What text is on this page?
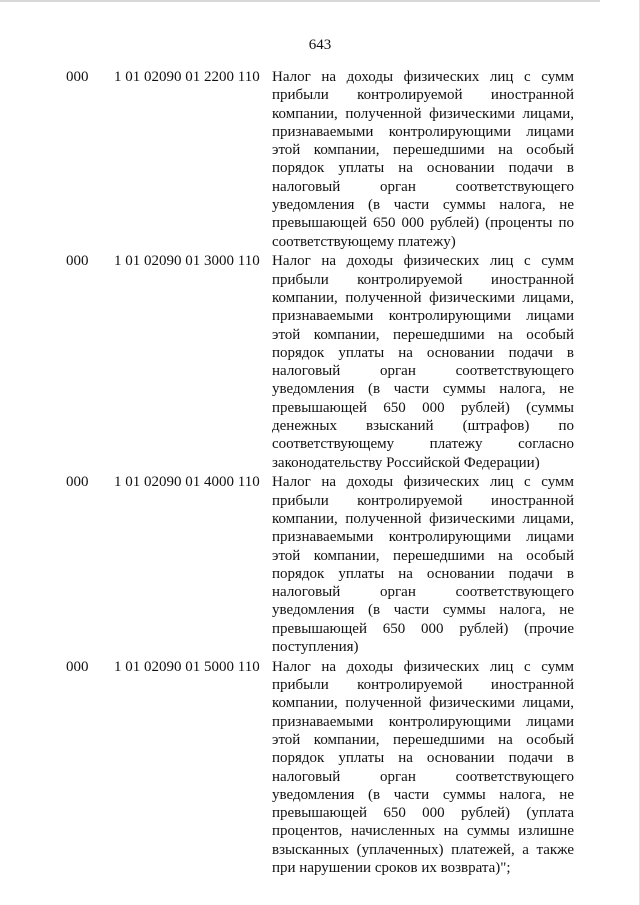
643
000 1 01 02090 01 2200 110 Налог на доходы физических лиц с сумм
прибыли контролируемой иностранной
компании, полученной физическими лицами,
признаваемыми контролирующими лицами
этой компании, перешедшими на особый
порядок уплаты на основании подачи в
налоговый орган соответствующего
уведомления (в части суммы налога, не
превышающей 650 000 рублей) (проценты по
соответствующему платежу)
000 1 01 02090 01 3000 110 Налог на доходы физических лиц с сумм
прибыли контролируемой иностранной
компании, полученной физическими лицами,
признаваемыми контролирующими лицами
этой компании, перешедшими на особый
порядок уплаты на основании подачи в
налоговый орган соответствующего
уведомления (в части суммы налога, не
превышающей 650 000 рублей) (суммы
денежных взысканий (штрафов) по
соответствующему платежу согласно
законодательству Российской Федерации)
000 1 01 02090 01 4000 110 Налог на доходы физических лиц с сумм
прибыли контролируемой иностранной
компании, полученной физическими лицами,
признаваемыми контролирующими лицами
этой компании, перешедшими на особый
порядок уплаты на основании подачи в
налоговый орган соответствующего
уведомления (в части суммы налога, не
превышающей 650 000 рублей) (прочие
поступления)
000 1 01 02090 01 5000 110 Налог на доходы физических лиц с сумм
прибыли контролируемой иностранной
компании, полученной физическими лицами,
признаваемыми контролирующими лицами
этой компании, перешедшими на особый
порядок уплаты на основании подачи в
налоговый орган соответствующего
уведомления (в части суммы налога, не
превышающей 650 000 рублей) (уплата
процентов, начисленных на суммы излишне
взысканных (уплаченных) платежей, а также
при нарушении сроков их возврата)";
